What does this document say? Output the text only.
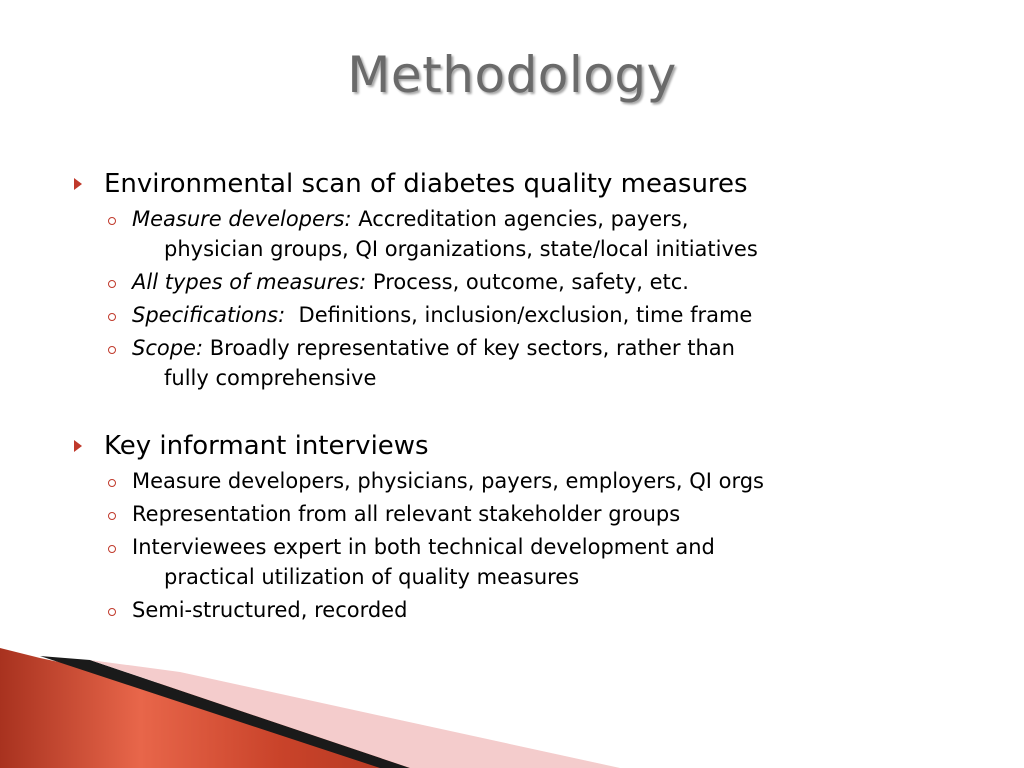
Methodology
Environmental scan of diabetes quality measures
Measure developers: Accreditation agencies, payers,
physician groups, QI organizations, state/local initiatives
All types of measures: Process, outcome, safety, etc.
Specifications:  Definitions, inclusion/exclusion, time frame
Scope: Broadly representative of key sectors, rather than
fully comprehensive
Key informant interviews
Measure developers, physicians, payers, employers, QI orgs
Representation from all relevant stakeholder groups
Interviewees expert in both technical development and
practical utilization of quality measures
Semi-structured, recorded
